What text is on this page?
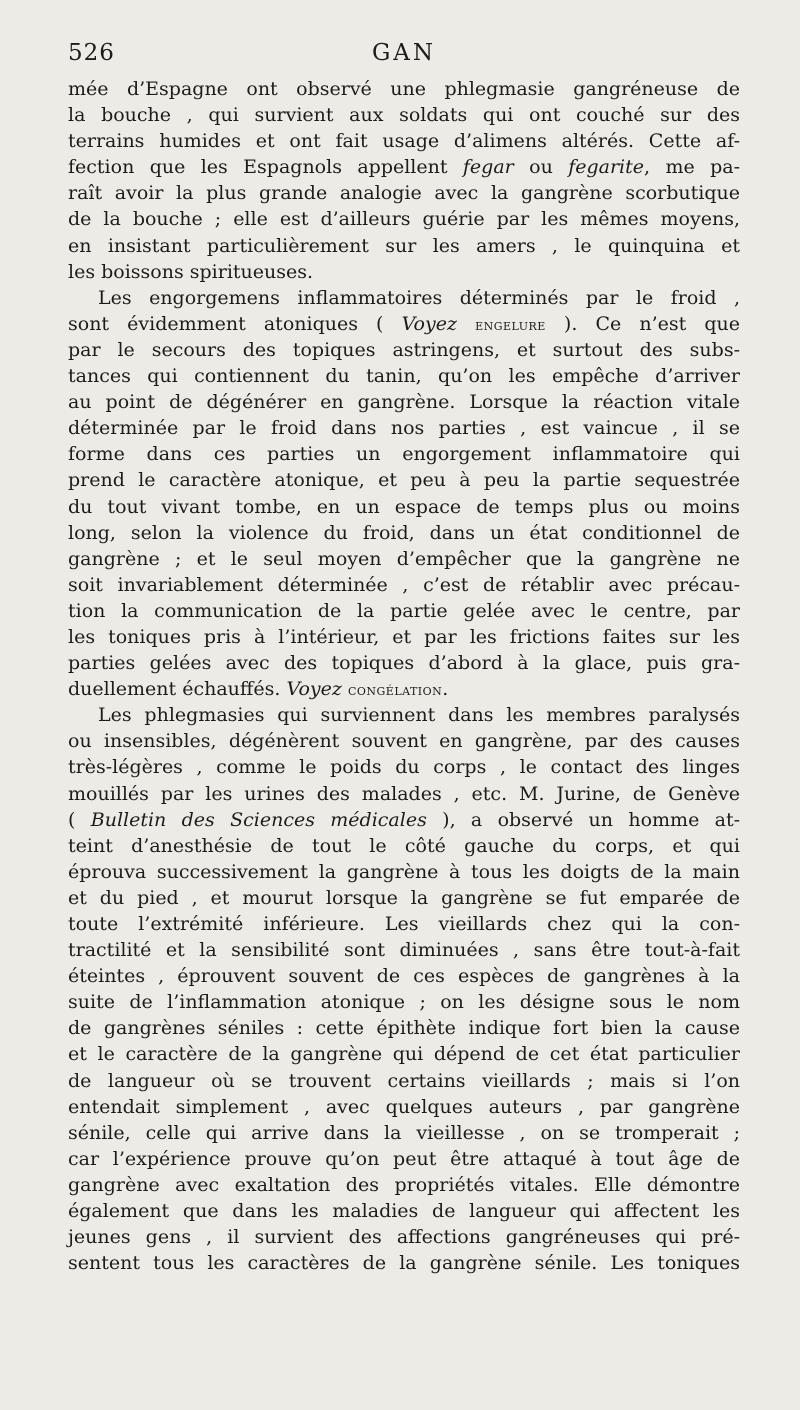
526	GAN
mée d’Espagne ont observé une phlegmasie gangréneuse de
la bouche , qui survient aux soldats qui ont couché sur des
terrains humides et ont fait usage d’alimens altérés. Cette af-
fection que les Espagnols appellent fegar ou fegarite, me pa-
raît avoir la plus grande analogie avec la gangrène scorbutique
de la bouche ; elle est d’ailleurs guérie par les mêmes moyens,
en insistant particulièrement sur les amers , le quinquina et
les boissons spiritueuses.
Les engorgemens inflammatoires déterminés par le froid ,
sont évidemment atoniques ( Voyez engelure ). Ce n’est que
par le secours des topiques astringens, et surtout des subs-
tances qui contiennent du tanin, qu’on les empêche d’arriver
au point de dégénérer en gangrène. Lorsque la réaction vitale
déterminée par le froid dans nos parties , est vaincue , il se
forme dans ces parties un engorgement inflammatoire qui
prend le caractère atonique, et peu à peu la partie sequestrée
du tout vivant tombe, en un espace de temps plus ou moins
long, selon la violence du froid, dans un état conditionnel de
gangrène ; et le seul moyen d’empêcher que la gangrène ne
soit invariablement déterminée , c’est de rétablir avec précau-
tion la communication de la partie gelée avec le centre, par
les toniques pris à l’intérieur, et par les frictions faites sur les
parties gelées avec des topiques d’abord à la glace, puis gra-
duellement échauffés. Voyez congélation.
Les phlegmasies qui surviennent dans les membres paralysés
ou insensibles, dégénèrent souvent en gangrène, par des causes
très-légères , comme le poids du corps , le contact des linges
mouillés par les urines des malades , etc. M. Jurine, de Genève
( Bulletin des Sciences médicales ), a observé un homme at-
teint d’anesthésie de tout le côté gauche du corps, et qui
éprouva successivement la gangrène à tous les doigts de la main
et du pied , et mourut lorsque la gangrène se fut emparée de
toute l’extrémité inférieure. Les vieillards chez qui la con-
tractilité et la sensibilité sont diminuées , sans être tout-à-fait
éteintes , éprouvent souvent de ces espèces de gangrènes à la
suite de l’inflammation atonique ; on les désigne sous le nom
de gangrènes séniles : cette épithète indique fort bien la cause
et le caractère de la gangrène qui dépend de cet état particulier
de langueur où se trouvent certains vieillards ; mais si l’on
entendait simplement , avec quelques auteurs , par gangrène
sénile, celle qui arrive dans la vieillesse , on se tromperait ;
car l’expérience prouve qu’on peut être attaqué à tout âge de
gangrène avec exaltation des propriétés vitales. Elle démontre
également que dans les maladies de langueur qui affectent les
jeunes gens , il survient des affections gangréneuses qui pré-
sentent tous les caractères de la gangrène sénile. Les toniques
